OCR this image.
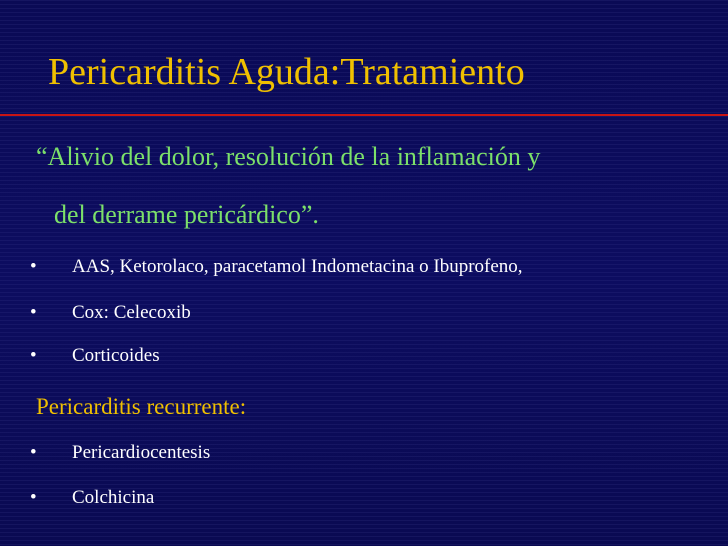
Pericarditis Aguda:Tratamiento
“Alivio del dolor, resolución de la inflamación y
del derrame pericárdico”.
• AAS, Ketorolaco, paracetamol Indometacina o Ibuprofeno,
• Cox: Celecoxib
• Corticoides
Pericarditis recurrente:
• Pericardiocentesis
• Colchicina
